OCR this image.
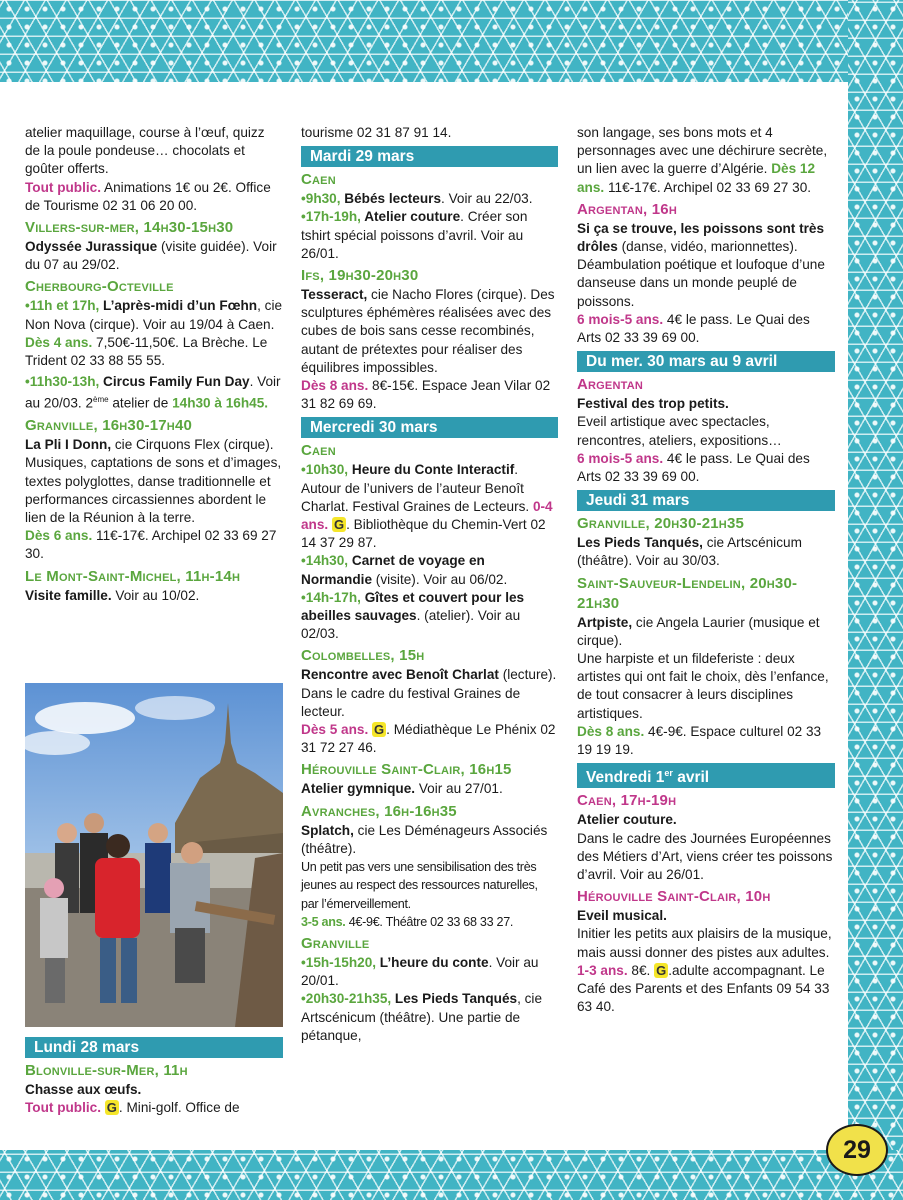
atelier maquillage, course à l’œuf, quizz de la poule pondeuse… chocolats et goûter offerts.

Tout public. Animations 1€ ou 2€. Office de Tourisme 02 31 06 20 00.

Villers-sur-mer, 14h30-15h30

Odyssée Jurassique (visite guidée). Voir du 07 au 29/02.

Cherbourg-Octeville

•11h et 17h, L’après-midi d’un Fœhn, cie Non Nova (cirque). Voir au 19/04 à Caen. Dès 4 ans. 7,50€-11,50€. La Brèche. Le Trident 02 33 88 55 55.

•11h30-13h, Circus Family Fun Day. Voir au 20/03. 2ème atelier de 14h30 à 16h45.

Granville, 16h30-17h40

La Pli I Donn, cie Cirquons Flex (cirque). Musiques, captations de sons et d’images, textes polyglottes, danse traditionnelle et performances circassiennes abordent le lien de la Réunion à la terre.

Dès 6 ans. 11€-17€. Archipel 02 33 69 27 30.

Le Mont-Saint-Michel, 11h-14h

Visite famille. Voir au 10/02.

Lundi 28 mars
Blonville-sur-Mer, 11h

Chasse aux œufs.

Tout public. G . Mini-golf. Office de

tourisme 02 31 87 91 14.

Mardi 29 mars
Caen

•9h30, Bébés lecteurs. Voir au 22/03.

•17h-19h, Atelier couture. Créer son tshirt spécial poissons d’avril. Voir au 26/01.

Ifs, 19h30-20h30

Tesseract, cie Nacho Flores (cirque). Des sculptures éphémères réalisées avec des cubes de bois sans cesse recombinés, autant de prétextes pour réaliser des équilibres impossibles.

Dès 8 ans. 8€-15€. Espace Jean Vilar 02 31 82 69 69.

Mercredi 30 mars
Caen

•10h30, Heure du Conte Interactif. Autour de l’univers de l’auteur Benoît Charlat. Festival Graines de Lecteurs. 0-4 ans. G . Bibliothèque du Chemin-Vert 02 14 37 29 87.

•14h30, Carnet de voyage en Normandie (visite). Voir au 06/02.

•14h-17h, Gîtes et couvert pour les abeilles sauvages. (atelier). Voir au 02/03.

Colombelles, 15h

Rencontre avec Benoît Charlat (lecture). Dans le cadre du festival Graines de lecteur.

Dès 5 ans. G . Médiathèque Le Phénix 02 31 72 27 46.

Hérouville Saint-Clair, 16h15

Atelier gymnique. Voir au 27/01.

Avranches, 16h-16h35

Splatch, cie Les Déménageurs Associés (théâtre).

Un petit pas vers une sensibilisation des très jeunes au respect des ressources naturelles, par l’émerveillement.

3-5 ans. 4€-9€. Théâtre 02 33 68 33 27.

Granville

•15h-15h20, L’heure du conte. Voir au 20/01.

•20h30-21h35, Les Pieds Tanqués, cie Artscénicum (théâtre). Une partie de pétanque,

son langage, ses bons mots et 4 personnages avec une déchirure secrète, un lien avec la guerre d’Algérie. Dès 12 ans. 11€-17€. Archipel 02 33 69 27 30.

Argentan, 16h

Si ça se trouve, les poissons sont très drôles (danse, vidéo, marionnettes).

Déambulation poétique et loufoque d’une danseuse dans un monde peuplé de poissons.

6 mois-5 ans. 4€ le pass. Le Quai des Arts 02 33 39 69 00.

Du mer. 30 mars au 9 avril
Argentan

Festival des trop petits.

Eveil artistique avec spectacles, rencontres, ateliers, expositions…

6 mois-5 ans. 4€ le pass. Le Quai des Arts 02 33 39 69 00.

Jeudi 31 mars
Granville, 20h30-21h35

Les Pieds Tanqués, cie Artscénicum (théâtre). Voir au 30/03.

Saint-Sauveur-Lendelin, 20h30-21h30

Artpiste, cie Angela Laurier (musique et cirque).

Une harpiste et un fildeferiste : deux artistes qui ont fait le choix, dès l’enfance, de tout consacrer à leurs disciplines artistiques.

Dès 8 ans. 4€-9€. Espace culturel 02 33 19 19 19.

Vendredi 1er avril
Caen, 17h-19h

Atelier couture.

Dans le cadre des Journées Européennes des Métiers d’Art, viens créer tes poissons d’avril. Voir au 26/01.

Hérouville Saint-Clair, 10h

Eveil musical.

Initier les petits aux plaisirs de la musique, mais aussi donner des pistes aux adultes.

1-3 ans. 8€. G .adulte accompagnant. Le Café des Parents et des Enfants 09 54 33 63 40.

29
